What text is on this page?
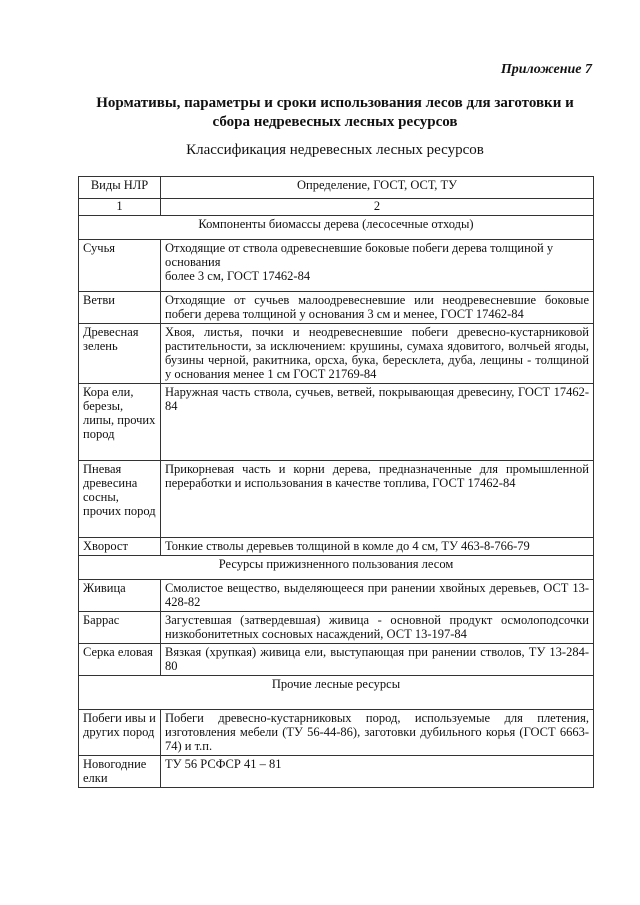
Приложение 7
Нормативы, параметры и сроки использования лесов для заготовки и
сбора недревесных лесных ресурсов
Классификация недревесных лесных ресурсов
Виды НЛР	Определение, ГОСТ, ОСТ, ТУ
1	2
Компоненты биомассы дерева (лесосечные отходы)	
Сучья	Отходящие от ствола одревесневшие боковые побеги дерева толщиной у основания
более 3 см, ГОСТ 17462-84

Ветви	Отходящие от сучьев малоодревесневшие или неодревесневшие боковые побеги дерева толщиной у основания 3 см и менее, ГОСТ 17462-84
Древесная зелень	Хвоя, листья, почки и неодревесневшие побеги древесно-кустарниковой растительности, за исключением: крушины, сумаха ядовитого, волчьей ягоды, бузины черной, ракитника, орсха, бука, бересклета, дуба, лещины - толщиной у основания менее 1 см ГОСТ 21769-84
Кора ели, березы, липы, прочих пород	Наружная часть ствола, сучьев, ветвей, покрывающая древесину, ГОСТ 17462-84
Пневая древесина сосны, прочих пород	Прикорневая часть и корни дерева, предназначенные для промышленной переработки и использования в качестве топлива, ГОСТ 17462-84
Хворост	Тонкие стволы деревьев толщиной в комле до 4 см, ТУ 463-8-766-79
Ресурсы прижизненного пользования лесом	
Живица	Смолистое вещество, выделяющееся при ранении хвойных деревьев, ОСТ 13-428-82
Баррас	Загустевшая (затвердевшая) живица - основной продукт осмолоподсочки низкобонитетных сосновых насаждений, ОСТ 13-197-84
Серка еловая	Вязкая (хрупкая) живица ели, выступающая при ранении стволов, ТУ 13-284-80
Прочие лесные ресурсы	
Побеги ивы и других пород	Побеги древесно-кустарниковых пород, используемые для плетения, изготовления мебели (ТУ 56-44-86), заготовки дубильного корья (ГОСТ 6663-74) и т.п.
Новогодние елки	ТУ 56 РСФСР 41 – 81
